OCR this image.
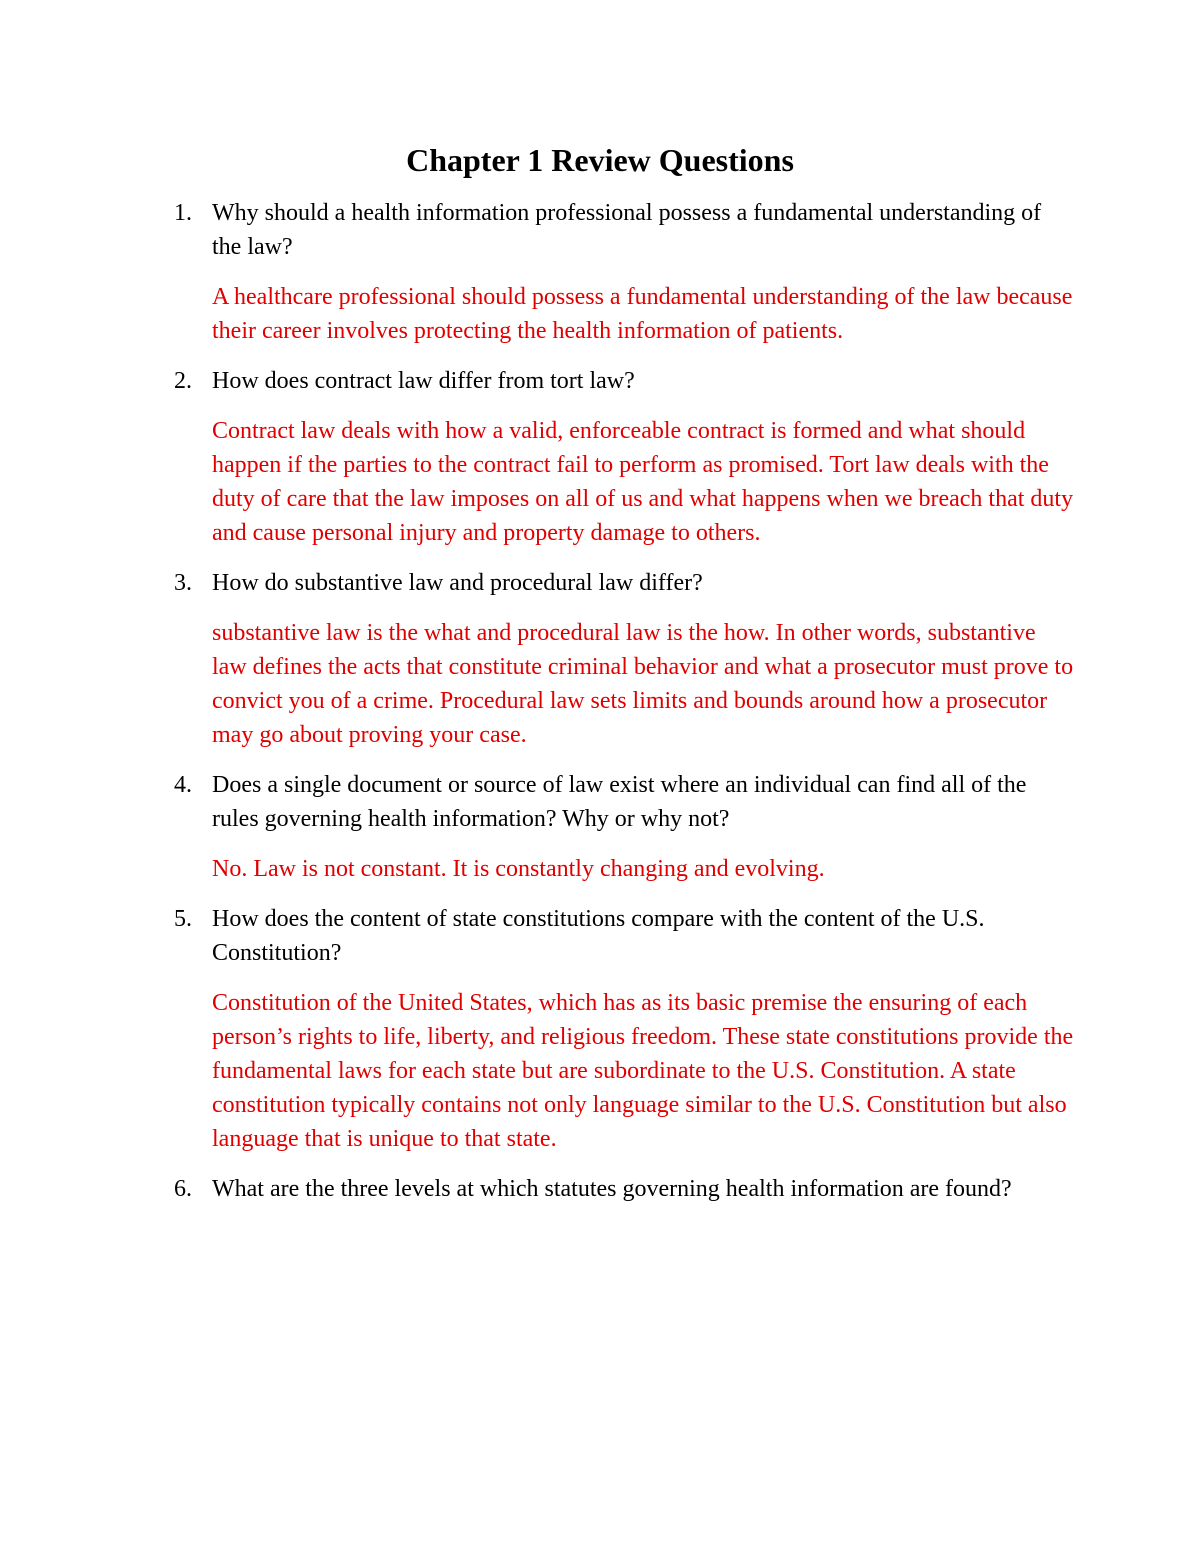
Chapter 1 Review Questions
1. Why should a health information professional possess a fundamental understanding of the law?
A healthcare professional should possess a fundamental understanding of the law because their career involves protecting the health information of patients.
2. How does contract law differ from tort law?
Contract law deals with how a valid, enforceable contract is formed and what should happen if the parties to the contract fail to perform as promised. Tort law deals with the duty of care that the law imposes on all of us and what happens when we breach that duty and cause personal injury and property damage to others.
3. How do substantive law and procedural law differ?
substantive law is the what and procedural law is the how. In other words, substantive law defines the acts that constitute criminal behavior and what a prosecutor must prove to convict you of a crime. Procedural law sets limits and bounds around how a prosecutor may go about proving your case.
4. Does a single document or source of law exist where an individual can find all of the rules governing health information? Why or why not?
No. Law is not constant. It is constantly changing and evolving.
5. How does the content of state constitutions compare with the content of the U.S. Constitution?
Constitution of the United States, which has as its basic premise the ensuring of each person’s rights to life, liberty, and religious freedom. These state constitutions provide the fundamental laws for each state but are subordinate to the U.S. Constitution. A state constitution typically contains not only language similar to the U.S. Constitution but also language that is unique to that state.
6. What are the three levels at which statutes governing health information are found?
